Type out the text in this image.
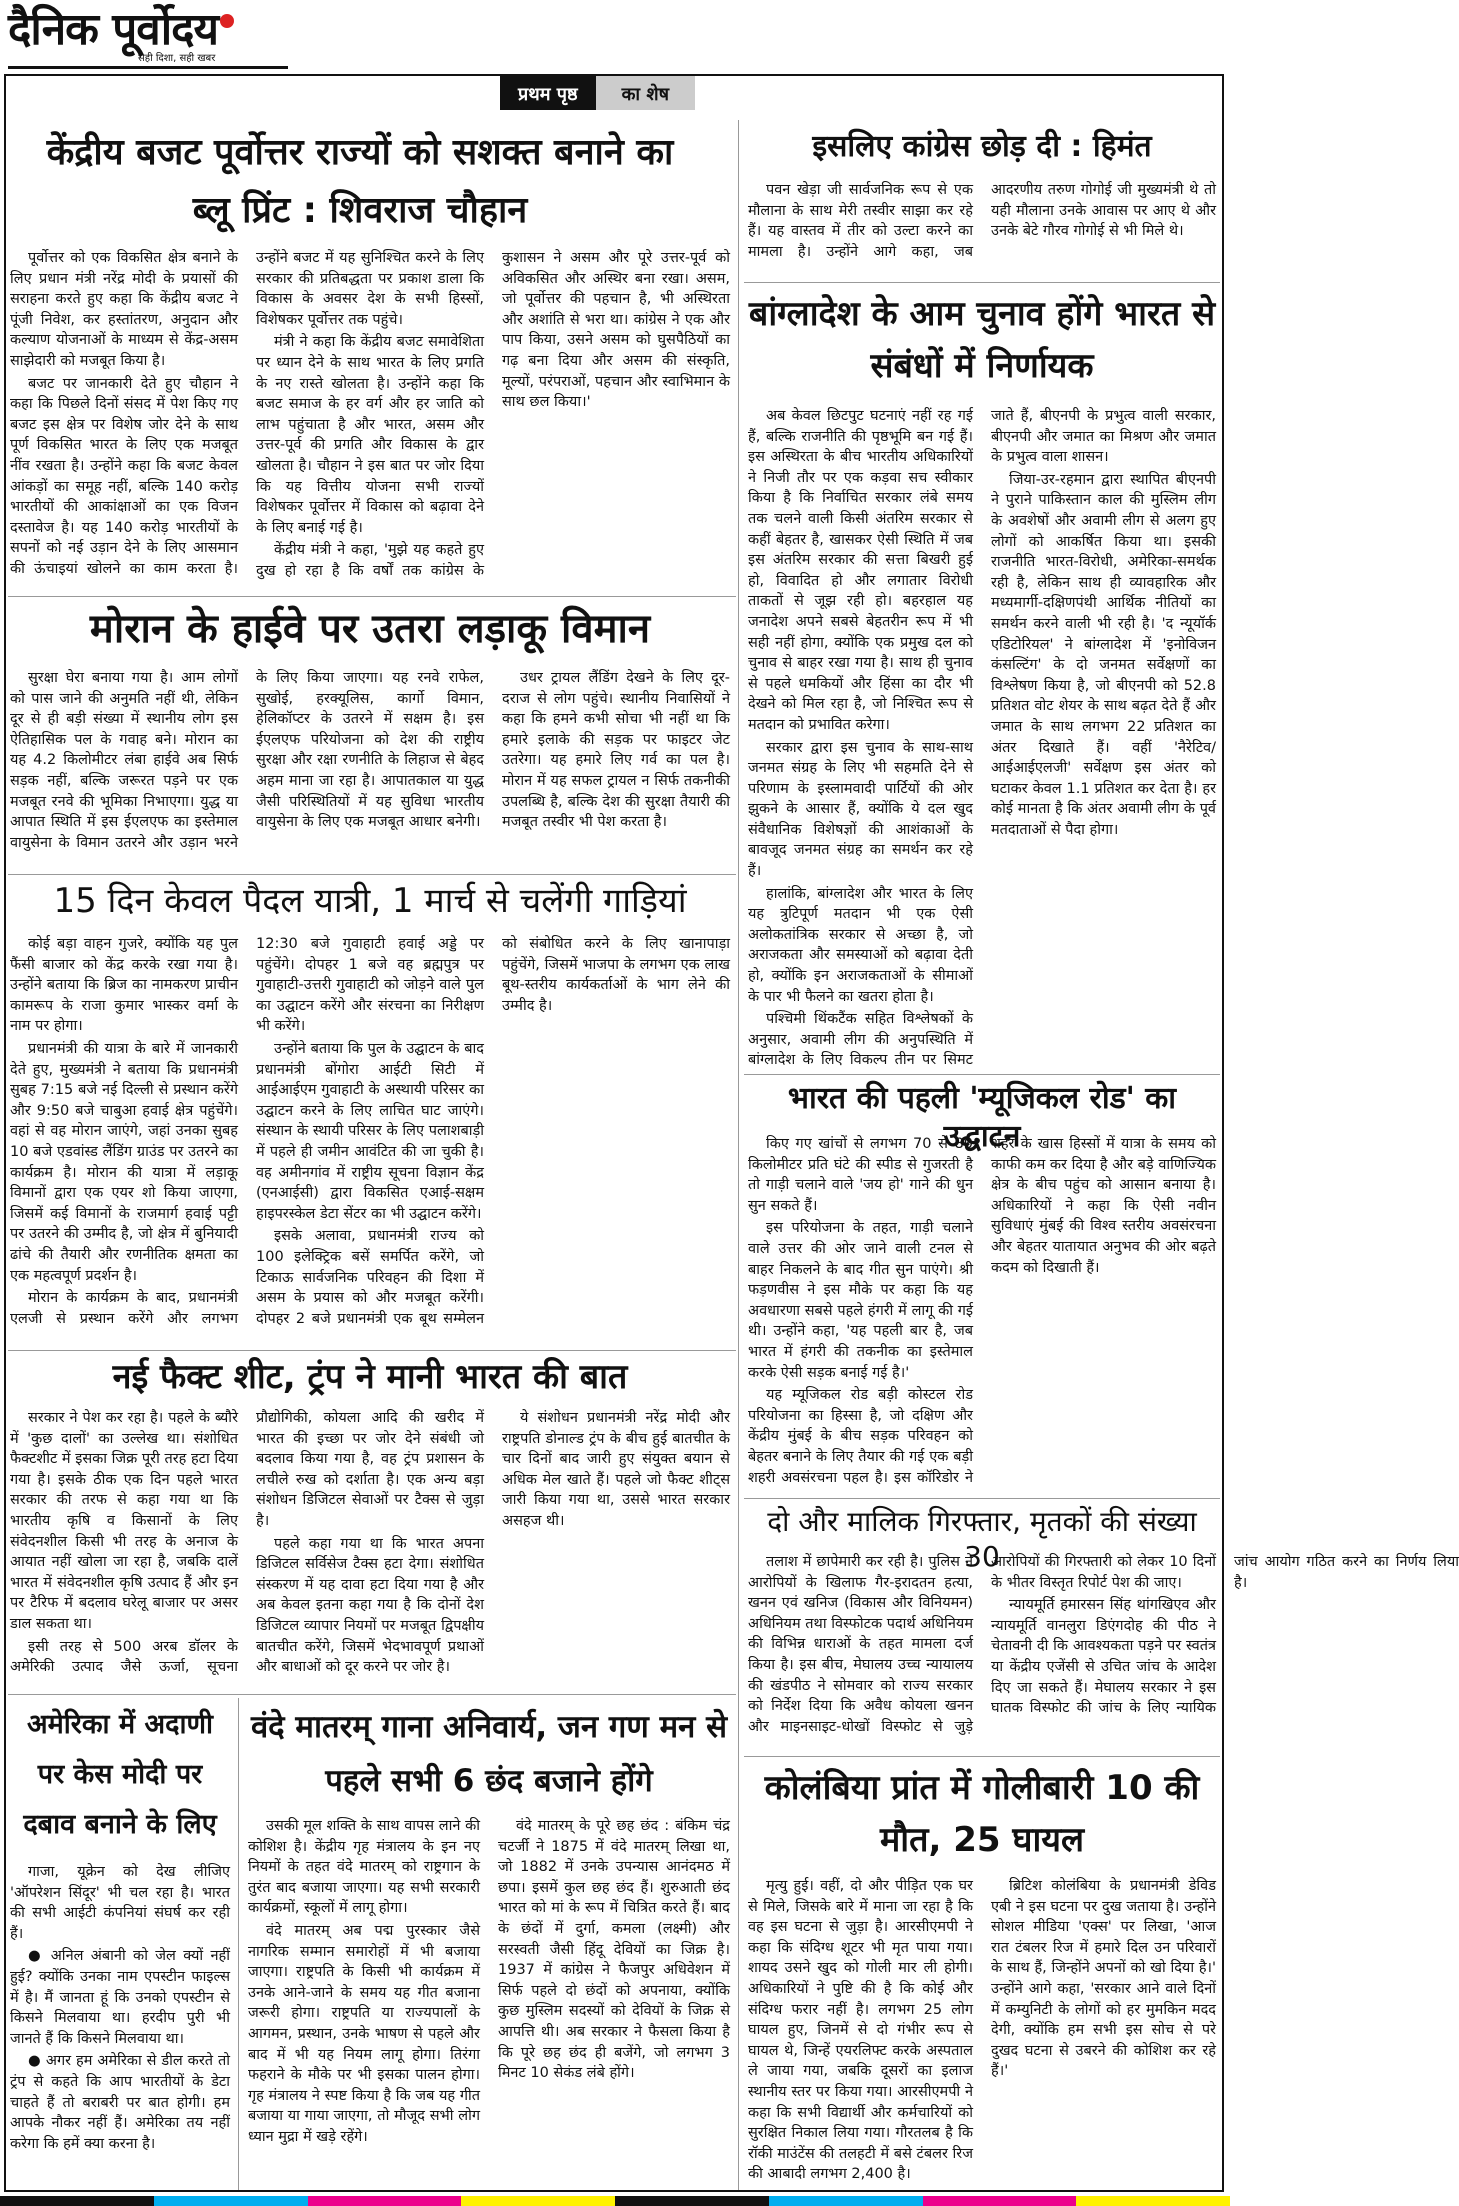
दैनिक पूर्वोदय
सही दिशा, सही खबर
प्रथम पृष्ठ	का शेष
केंद्रीय बजट पूर्वोत्तर राज्यों को सशक्त बनाने का ब्लू प्रिंट : शिवराज चौहान

पूर्वोत्तर को एक विकसित क्षेत्र बनाने के लिए प्रधान मंत्री नरेंद्र मोदी के प्रयासों की सराहना करते हुए कहा कि केंद्रीय बजट ने पूंजी निवेश, कर हस्तांतरण, अनुदान और कल्याण योजनाओं के माध्यम से केंद्र-असम साझेदारी को मजबूत किया है।

बजट पर जानकारी देते हुए चौहान ने कहा कि पिछले दिनों संसद में पेश किए गए बजट इस क्षेत्र पर विशेष जोर देने के साथ पूर्ण विकसित भारत के लिए एक मजबूत नींव रखता है। उन्होंने कहा कि बजट केवल आंकड़ों का समूह नहीं, बल्कि 140 करोड़ भारतीयों की आकांक्षाओं का एक विजन दस्तावेज है। यह 140 करोड़ भारतीयों के सपनों को नई उड़ान देने के लिए आसमान की ऊंचाइयां खोलने का काम करता है। उन्होंने बजट में यह सुनिश्चित करने के लिए सरकार की प्रतिबद्धता पर प्रकाश डाला कि विकास के अवसर देश के सभी हिस्सों, विशेषकर पूर्वोत्तर तक पहुंचे।

मंत्री ने कहा कि केंद्रीय बजट समावेशिता पर ध्यान देने के साथ भारत के लिए प्रगति के नए रास्ते खोलता है। उन्होंने कहा कि बजट समाज के हर वर्ग और हर जाति को लाभ पहुंचाता है और भारत, असम और उत्तर-पूर्व की प्रगति और विकास के द्वार खोलता है। चौहान ने इस बात पर जोर दिया कि यह वित्तीय योजना सभी राज्यों विशेषकर पूर्वोत्तर में विकास को बढ़ावा देने के लिए बनाई गई है।

केंद्रीय मंत्री ने कहा, 'मुझे यह कहते हुए दुख हो रहा है कि वर्षों तक कांग्रेस के कुशासन ने असम और पूरे उत्तर-पूर्व को अविकसित और अस्थिर बना रखा। असम, जो पूर्वोत्तर की पहचान है, भी अस्थिरता और अशांति से भरा था। कांग्रेस ने एक और पाप किया, उसने असम को घुसपैठियों का गढ़ बना दिया और असम की संस्कृति, मूल्यों, परंपराओं, पहचान और स्वाभिमान के साथ छल किया।'

इसलिए कांग्रेस छोड़ दी : हिमंत

पवन खेड़ा जी सार्वजनिक रूप से एक मौलाना के साथ मेरी तस्वीर साझा कर रहे हैं। यह वास्तव में तीर को उल्टा करने का मामला है। उन्होंने आगे कहा, जब आदरणीय तरुण गोगोई जी मुख्यमंत्री थे तो यही मौलाना उनके आवास पर आए थे और उनके बेटे गौरव गोगोई से भी मिले थे।

बांग्लादेश के आम चुनाव होंगे भारत से संबंधों में निर्णायक

अब केवल छिटपुट घटनाएं नहीं रह गई हैं, बल्कि राजनीति की पृष्ठभूमि बन गई हैं। इस अस्थिरता के बीच भारतीय अधिकारियों ने निजी तौर पर एक कड़वा सच स्वीकार किया है कि निर्वाचित सरकार लंबे समय तक चलने वाली किसी अंतरिम सरकार से कहीं बेहतर है, खासकर ऐसी स्थिति में जब इस अंतरिम सरकार की सत्ता बिखरी हुई हो, विवादित हो और लगातार विरोधी ताकतों से जूझ रही हो। बहरहाल यह जनादेश अपने सबसे बेहतरीन रूप में भी सही नहीं होगा, क्योंकि एक प्रमुख दल को चुनाव से बाहर रखा गया है। साथ ही चुनाव से पहले धमकियों और हिंसा का दौर भी देखने को मिल रहा है, जो निश्चित रूप से मतदान को प्रभावित करेगा।

सरकार द्वारा इस चुनाव के साथ-साथ जनमत संग्रह के लिए भी सहमति देने से परिणाम के इस्लामवादी पार्टियों की ओर झुकने के आसार हैं, क्योंकि ये दल खुद संवैधानिक विशेषज्ञों की आशंकाओं के बावजूद जनमत संग्रह का समर्थन कर रहे हैं।

हालांकि, बांग्लादेश और भारत के लिए यह त्रुटिपूर्ण मतदान भी एक ऐसी अलोकतांत्रिक सरकार से अच्छा है, जो अराजकता और समस्याओं को बढ़ावा देती हो, क्योंकि इन अराजकताओं के सीमाओं के पार भी फैलने का खतरा होता है।

पश्चिमी थिंकटैंक सहित विश्लेषकों के अनुसार, अवामी लीग की अनुपस्थिति में बांग्लादेश के लिए विकल्प तीन पर सिमट जाते हैं, बीएनपी के प्रभुत्व वाली सरकार, बीएनपी और जमात का मिश्रण और जमात के प्रभुत्व वाला शासन।

जिया-उर-रहमान द्वारा स्थापित बीएनपी ने पुराने पाकिस्तान काल की मुस्लिम लीग के अवशेषों और अवामी लीग से अलग हुए लोगों को आकर्षित किया था। इसकी राजनीति भारत-विरोधी, अमेरिका-समर्थक रही है, लेकिन साथ ही व्यावहारिक और मध्यमार्गी-दक्षिणपंथी आर्थिक नीतियों का समर्थन करने वाली भी रही है। 'द न्यूयॉर्क एडिटोरियल' ने बांग्लादेश में 'इनोविजन कंसल्टिंग' के दो जनमत सर्वेक्षणों का विश्लेषण किया है, जो बीएनपी को 52.8 प्रतिशत वोट शेयर के साथ बढ़त देते हैं और जमात के साथ लगभग 22 प्रतिशत का अंतर दिखाते हैं। वहीं 'नैरेटिव/आईआईएलजी' सर्वेक्षण इस अंतर को घटाकर केवल 1.1 प्रतिशत कर देता है। हर कोई मानता है कि अंतर अवामी लीग के पूर्व मतदाताओं से पैदा होगा।

मोरान के हाईवे पर उतरा लड़ाकू विमान

सुरक्षा घेरा बनाया गया है। आम लोगों को पास जाने की अनुमति नहीं थी, लेकिन दूर से ही बड़ी संख्या में स्थानीय लोग इस ऐतिहासिक पल के गवाह बने। मोरान का यह 4.2 किलोमीटर लंबा हाईवे अब सिर्फ सड़क नहीं, बल्कि जरूरत पड़ने पर एक मजबूत रनवे की भूमिका निभाएगा। युद्ध या आपात स्थिति में इस ईएलएफ का इस्तेमाल वायुसेना के विमान उतरने और उड़ान भरने के लिए किया जाएगा। यह रनवे राफेल, सुखोई, हरक्यूलिस, कार्गो विमान, हेलिकॉप्टर के उतरने में सक्षम है। इस ईएलएफ परियोजना को देश की राष्ट्रीय सुरक्षा और रक्षा रणनीति के लिहाज से बेहद अहम माना जा रहा है। आपातकाल या युद्ध जैसी परिस्थितियों में यह सुविधा भारतीय वायुसेना के लिए एक मजबूत आधार बनेगी।

उधर ट्रायल लैंडिंग देखने के लिए दूर-दराज से लोग पहुंचे। स्थानीय निवासियों ने कहा कि हमने कभी सोचा भी नहीं था कि हमारे इलाके की सड़क पर फाइटर जेट उतरेगा। यह हमारे लिए गर्व का पल है। मोरान में यह सफल ट्रायल न सिर्फ तकनीकी उपलब्धि है, बल्कि देश की सुरक्षा तैयारी की मजबूत तस्वीर भी पेश करता है।

15 दिन केवल पैदल यात्री, 1 मार्च से चलेंगी गाड़ियां

कोई बड़ा वाहन गुजरे, क्योंकि यह पुल फैंसी बाजार को केंद्र करके रखा गया है। उन्होंने बताया कि ब्रिज का नामकरण प्राचीन कामरूप के राजा कुमार भास्कर वर्मा के नाम पर होगा।

प्रधानमंत्री की यात्रा के बारे में जानकारी देते हुए, मुख्यमंत्री ने बताया कि प्रधानमंत्री सुबह 7:15 बजे नई दिल्ली से प्रस्थान करेंगे और 9:50 बजे चाबुआ हवाई क्षेत्र पहुंचेंगे। वहां से वह मोरान जाएंगे, जहां उनका सुबह 10 बजे एडवांस्ड लैंडिंग ग्राउंड पर उतरने का कार्यक्रम है। मोरान की यात्रा में लड़ाकू विमानों द्वारा एक एयर शो किया जाएगा, जिसमें कई विमानों के राजमार्ग हवाई पट्टी पर उतरने की उम्मीद है, जो क्षेत्र में बुनियादी ढांचे की तैयारी और रणनीतिक क्षमता का एक महत्वपूर्ण प्रदर्शन है।

मोरान के कार्यक्रम के बाद, प्रधानमंत्री एलजी से प्रस्थान करेंगे और लगभग 12:30 बजे गुवाहाटी हवाई अड्डे पर पहुंचेंगे। दोपहर 1 बजे वह ब्रह्मपुत्र पर गुवाहाटी-उत्तरी गुवाहाटी को जोड़ने वाले पुल का उद्घाटन करेंगे और संरचना का निरीक्षण भी करेंगे।

उन्होंने बताया कि पुल के उद्घाटन के बाद प्रधानमंत्री बोंगोरा आईटी सिटी में आईआईएम गुवाहाटी के अस्थायी परिसर का उद्घाटन करने के लिए लाचित घाट जाएंगे। संस्थान के स्थायी परिसर के लिए पलाशबाड़ी में पहले ही जमीन आवंटित की जा चुकी है। वह अमीनगांव में राष्ट्रीय सूचना विज्ञान केंद्र (एनआईसी) द्वारा विकसित एआई-सक्षम हाइपरस्केल डेटा सेंटर का भी उद्घाटन करेंगे।

इसके अलावा, प्रधानमंत्री राज्य को 100 इलेक्ट्रिक बसें समर्पित करेंगे, जो टिकाऊ सार्वजनिक परिवहन की दिशा में असम के प्रयास को और मजबूत करेंगी। दोपहर 2 बजे प्रधानमंत्री एक बूथ सम्मेलन को संबोधित करने के लिए खानापाड़ा पहुंचेंगे, जिसमें भाजपा के लगभग एक लाख बूथ-स्तरीय कार्यकर्ताओं के भाग लेने की उम्मीद है।

भारत की पहली 'म्यूजिकल रोड' का उद्घाटन

किए गए खांचों से लगभग 70 से 80 किलोमीटर प्रति घंटे की स्पीड से गुजरती है तो गाड़ी चलाने वाले 'जय हो' गाने की धुन सुन सकते हैं।

इस परियोजना के तहत, गाड़ी चलाने वाले उत्तर की ओर जाने वाली टनल से बाहर निकलने के बाद गीत सुन पाएंगे। श्री फड़णवीस ने इस मौके पर कहा कि यह अवधारणा सबसे पहले हंगरी में लागू की गई थी। उन्होंने कहा, 'यह पहली बार है, जब भारत में हंगरी की तकनीक का इस्तेमाल करके ऐसी सड़क बनाई गई है।'

यह म्यूजिकल रोड बड़ी कोस्टल रोड परियोजना का हिस्सा है, जो दक्षिण और केंद्रीय मुंबई के बीच सड़क परिवहन को बेहतर बनाने के लिए तैयार की गई एक बड़ी शहरी अवसंरचना पहल है। इस कॉरिडोर ने शहर के खास हिस्सों में यात्रा के समय को काफी कम कर दिया है और बड़े वाणिज्यिक क्षेत्र के बीच पहुंच को आसान बनाया है। अधिकारियों ने कहा कि ऐसी नवीन सुविधाएं मुंबई की विश्व स्तरीय अवसंरचना और बेहतर यातायात अनुभव की ओर बढ़ते कदम को दिखाती हैं।

नई फैक्ट शीट, ट्रंप ने मानी भारत की बात

सरकार ने पेश कर रहा है। पहले के ब्यौरे में 'कुछ दालों' का उल्लेख था। संशोधित फैक्टशीट में इसका जिक्र पूरी तरह हटा दिया गया है। इसके ठीक एक दिन पहले भारत सरकार की तरफ से कहा गया था कि भारतीय कृषि व किसानों के लिए संवेदनशील किसी भी तरह के अनाज के आयात नहीं खोला जा रहा है, जबकि दालें भारत में संवेदनशील कृषि उत्पाद हैं और इन पर टैरिफ में बदलाव घरेलू बाजार पर असर डाल सकता था।

इसी तरह से 500 अरब डॉलर के अमेरिकी उत्पाद जैसे ऊर्जा, सूचना प्रौद्योगिकी, कोयला आदि की खरीद में भारत की इच्छा पर जोर देने संबंधी जो बदलाव किया गया है, वह ट्रंप प्रशासन के लचीले रुख को दर्शाता है। एक अन्य बड़ा संशोधन डिजिटल सेवाओं पर टैक्स से जुड़ा है।

पहले कहा गया था कि भारत अपना डिजिटल सर्विसेज टैक्स हटा देगा। संशोधित संस्करण में यह दावा हटा दिया गया है और अब केवल इतना कहा गया है कि दोनों देश डिजिटल व्यापार नियमों पर मजबूत द्विपक्षीय बातचीत करेंगे, जिसमें भेदभावपूर्ण प्रथाओं और बाधाओं को दूर करने पर जोर है।

ये संशोधन प्रधानमंत्री नरेंद्र मोदी और राष्ट्रपति डोनाल्ड ट्रंप के बीच हुई बातचीत के चार दिनों बाद जारी हुए संयुक्त बयान से अधिक मेल खाते हैं। पहले जो फैक्ट शीट्स जारी किया गया था, उससे भारत सरकार असहज थी।	दो और मालिक गिरफ्तार, मृतकों की संख्या 30

तलाश में छापेमारी कर रही है। पुलिस ने आरोपियों के खिलाफ गैर-इरादतन हत्या, खनन एवं खनिज (विकास और विनियमन) अधिनियम तथा विस्फोटक पदार्थ अधिनियम की विभिन्न धाराओं के तहत मामला दर्ज किया है। इस बीच, मेघालय उच्च न्यायालय की खंडपीठ ने सोमवार को राज्य सरकार को निर्देश दिया कि अवैध कोयला खनन और माइनसाइट-धोखों विस्फोट से जुड़े आरोपियों की गिरफ्तारी को लेकर 10 दिनों के भीतर विस्तृत रिपोर्ट पेश की जाए।

न्यायमूर्ति हमारसन सिंह थांगखिएव और न्यायमूर्ति वानलुरा डिएंगदोह की पीठ ने चेतावनी दी कि आवश्यकता पड़ने पर स्वतंत्र या केंद्रीय एजेंसी से उचित जांच के आदेश दिए जा सकते हैं। मेघालय सरकार ने इस घातक विस्फोट की जांच के लिए न्यायिक जांच आयोग गठित करने का निर्णय लिया है।

अमेरिका में अदाणी पर केस मोदी पर दबाव बनाने के लिए

गाजा, यूक्रेन को देख लीजिए 'ऑपरेशन सिंदूर' भी चल रहा है। भारत की सभी आईटी कंपनियां संघर्ष कर रही हैं।

● अनिल अंबानी को जेल क्यों नहीं हुई? क्योंकि उनका नाम एपस्टीन फाइल्स में है। मैं जानता हूं कि उनको एपस्टीन से किसने मिलवाया था। हरदीप पुरी भी जानते हैं कि किसने मिलवाया था।

● अगर हम अमेरिका से डील करते तो ट्रंप से कहते कि आप भारतीयों के डेटा चाहते हैं तो बराबरी पर बात होगी। हम आपके नौकर नहीं हैं। अमेरिका तय नहीं करेगा कि हमें क्या करना है।

वंदे मातरम् गाना अनिवार्य, जन गण मन से पहले सभी 6 छंद बजाने होंगे

उसकी मूल शक्ति के साथ वापस लाने की कोशिश है। केंद्रीय गृह मंत्रालय के इन नए नियमों के तहत वंदे मातरम् को राष्ट्रगान के तुरंत बाद बजाया जाएगा। यह सभी सरकारी कार्यक्रमों, स्कूलों में लागू होगा।

वंदे मातरम् अब पद्म पुरस्कार जैसे नागरिक सम्मान समारोहों में भी बजाया जाएगा। राष्ट्रपति के किसी भी कार्यक्रम में उनके आने-जाने के समय यह गीत बजाना जरूरी होगा। राष्ट्रपति या राज्यपालों के आगमन, प्रस्थान, उनके भाषण से पहले और बाद में भी यह नियम लागू होगा। तिरंगा फहराने के मौके पर भी इसका पालन होगा। गृह मंत्रालय ने स्पष्ट किया है कि जब यह गीत बजाया या गाया जाएगा, तो मौजूद सभी लोग ध्यान मुद्रा में खड़े रहेंगे।

वंदे मातरम् के पूरे छह छंद : बंकिम चंद्र चटर्जी ने 1875 में वंदे मातरम् लिखा था, जो 1882 में उनके उपन्यास आनंदमठ में छपा। इसमें कुल छह छंद हैं। शुरुआती छंद भारत को मां के रूप में चित्रित करते हैं। बाद के छंदों में दुर्गा, कमला (लक्ष्मी) और सरस्वती जैसी हिंदू देवियों का जिक्र है। 1937 में कांग्रेस ने फैजपुर अधिवेशन में सिर्फ पहले दो छंदों को अपनाया, क्योंकि कुछ मुस्लिम सदस्यों को देवियों के जिक्र से आपत्ति थी। अब सरकार ने फैसला किया है कि पूरे छह छंद ही बजेंगे, जो लगभग 3 मिनट 10 सेकंड लंबे होंगे।

कोलंबिया प्रांत में गोलीबारी 10 की मौत, 25 घायल

मृत्यु हुई। वहीं, दो और पीड़ित एक घर से मिले, जिसके बारे में माना जा रहा है कि वह इस घटना से जुड़ा है। आरसीएमपी ने कहा कि संदिग्ध शूटर भी मृत पाया गया। शायद उसने खुद को गोली मार ली होगी। अधिकारियों ने पुष्टि की है कि कोई और संदिग्ध फरार नहीं है। लगभग 25 लोग घायल हुए, जिनमें से दो गंभीर रूप से घायल थे, जिन्हें एयरलिफ्ट करके अस्पताल ले जाया गया, जबकि दूसरों का इलाज स्थानीय स्तर पर किया गया। आरसीएमपी ने कहा कि सभी विद्यार्थी और कर्मचारियों को सुरक्षित निकाल लिया गया। गौरतलब है कि रॉकी माउंटेंस की तलहटी में बसे टंबलर रिज की आबादी लगभग 2,400 है।

ब्रिटिश कोलंबिया के प्रधानमंत्री डेविड एबी ने इस घटना पर दुख जताया है। उन्होंने सोशल मीडिया 'एक्स' पर लिखा, 'आज रात टंबलर रिज में हमारे दिल उन परिवारों के साथ हैं, जिन्होंने अपनों को खो दिया है।' उन्होंने आगे कहा, 'सरकार आने वाले दिनों में कम्युनिटी के लोगों को हर मुमकिन मदद देगी, क्योंकि हम सभी इस सोच से परे दुखद घटना से उबरने की कोशिश कर रहे हैं।'
